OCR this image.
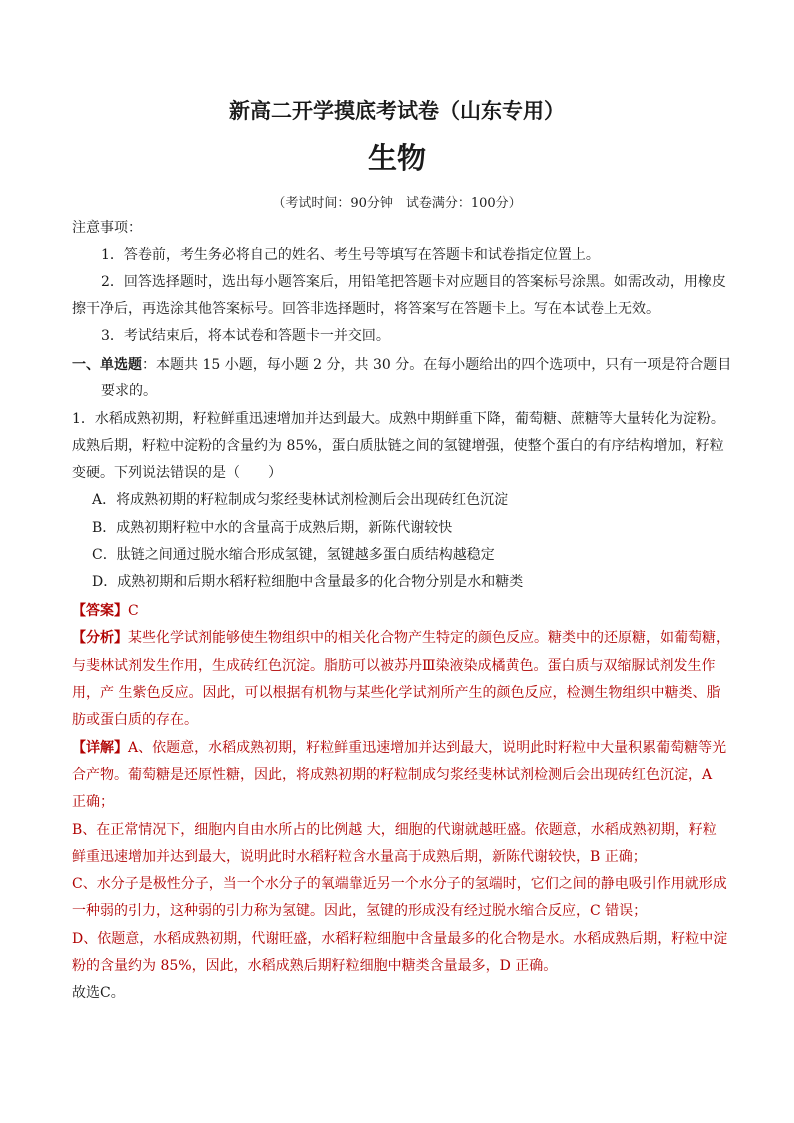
新高二开学摸底考试卷（山东专用）
生物
（考试时间：90分钟　试卷满分：100分）
注意事项：
1．答卷前，考生务必将自己的姓名、考生号等填写在答题卡和试卷指定位置上。
2．回答选择题时，选出每小题答案后，用铅笔把答题卡对应题目的答案标号涂黑。如需改动，用橡皮
擦干净后，再选涂其他答案标号。回答非选择题时，将答案写在答题卡上。写在本试卷上无效。
3．考试结束后，将本试卷和答题卡一并交回。
一、单选题：本题共 15 小题，每小题 2 分，共 30 分。在每小题给出的四个选项中，只有一项是符合题目
要求的。
1．水稻成熟初期，籽粒鲜重迅速增加并达到最大。成熟中期鲜重下降，葡萄糖、蔗糖等大量转化为淀粉。
成熟后期，籽粒中淀粉的含量约为 85%，蛋白质肽链之间的氢键增强，使整个蛋白的有序结构增加，籽粒
变硬。下列说法错误的是（　　）
A．将成熟初期的籽粒制成匀浆经斐林试剂检测后会出现砖红色沉淀
B．成熟初期籽粒中水的含量高于成熟后期，新陈代谢较快
C．肽链之间通过脱水缩合形成氢键，氢键越多蛋白质结构越稳定
D．成熟初期和后期水稻籽粒细胞中含量最多的化合物分别是水和糖类
【答案】C
【分析】某些化学试剂能够使生物组织中的相关化合物产生特定的颜色反应。糖类中的还原糖，如葡萄糖，
与斐林试剂发生作用，生成砖红色沉淀。脂肪可以被苏丹Ⅲ染液染成橘黄色。蛋白质与双缩脲试剂发生作
用，产 生紫色反应。因此，可以根据有机物与某些化学试剂所产生的颜色反应，检测生物组织中糖类、脂
肪或蛋白质的存在。
【详解】A、依题意，水稻成熟初期，籽粒鲜重迅速增加并达到最大，说明此时籽粒中大量积累葡萄糖等光
合产物。葡萄糖是还原性糖，因此，将成熟初期的籽粒制成匀浆经斐林试剂检测后会出现砖红色沉淀，A
正确；
B、在正常情况下，细胞内自由水所占的比例越 大，细胞的代谢就越旺盛。依题意，水稻成熟初期，籽粒
鲜重迅速增加并达到最大，说明此时水稻籽粒含水量高于成熟后期，新陈代谢较快，B 正确；
C、水分子是极性分子，当一个水分子的氧端靠近另一个水分子的氢端时，它们之间的静电吸引作用就形成
一种弱的引力，这种弱的引力称为氢键。因此，氢键的形成没有经过脱水缩合反应，C 错误；
D、依题意，水稻成熟初期，代谢旺盛，水稻籽粒细胞中含量最多的化合物是水。水稻成熟后期，籽粒中淀
粉的含量约为 85%，因此，水稻成熟后期籽粒细胞中糖类含量最多，D 正确。
故选C。
